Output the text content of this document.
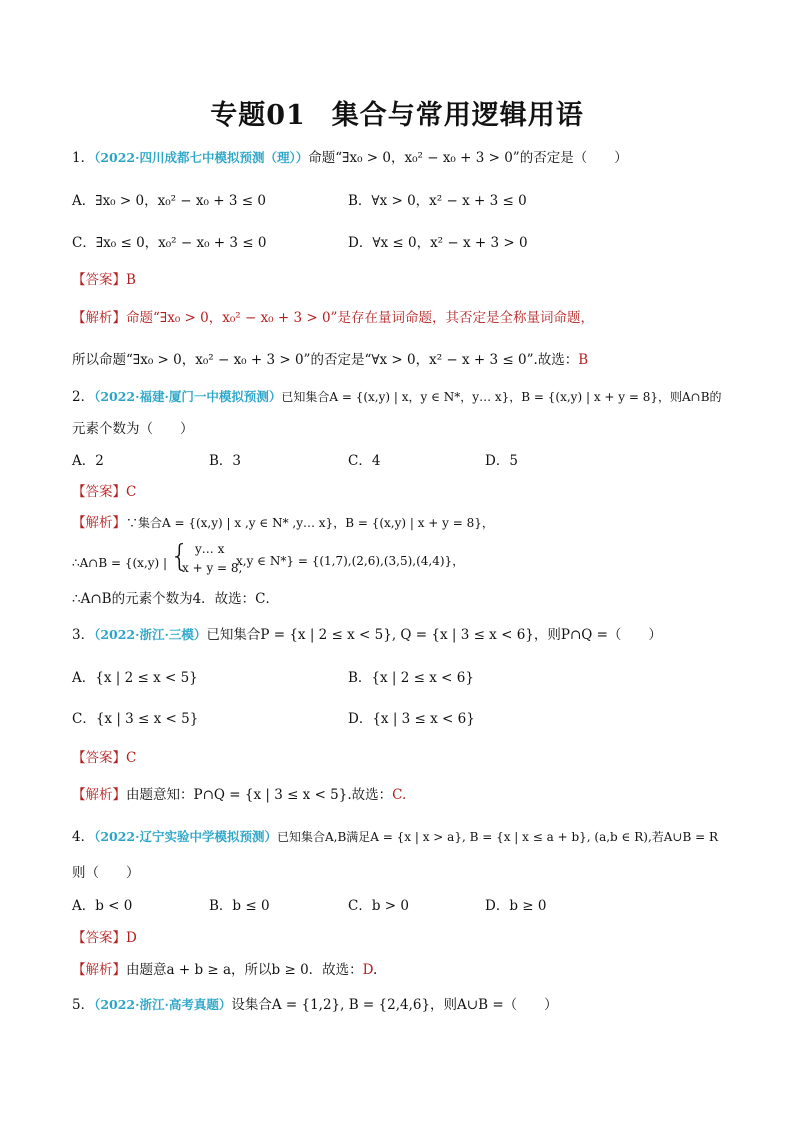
专题01 集合与常用逻辑用语
1．（2022·四川成都七中模拟预测（理））命题“∃x₀ > 0，x₀² − x₀ + 3 > 0”的否定是（　　）
A．∃x₀ > 0，x₀² − x₀ + 3 ≤ 0	B．∀x > 0，x² − x + 3 ≤ 0
C．∃x₀ ≤ 0，x₀² − x₀ + 3 ≤ 0	D．∀x ≤ 0，x² − x + 3 > 0
【答案】B
【解析】命题“∃x₀ > 0，x₀² − x₀ + 3 > 0”是存在量词命题，其否定是全称量词命题，
所以命题“∃x₀ > 0，x₀² − x₀ + 3 > 0”的否定是“∀x > 0，x² − x + 3 ≤ 0”.故选：B
2．（2022·福建·厦门一中模拟预测）已知集合A = {(x,y) | x，y ∈ N*，y… x}，B = {(x,y) | x + y = 8}，则A∩B的
元素个数为（　　）
A．2	B．3	C．4	D．5
【答案】C
【解析】∵集合A = {(x,y) | x ,y ∈ N* ,y… x}，B = {(x,y) | x + y = 8}，
∴A∩B = {(x,y) | { y… x
x + y = 8,
x,y ∈ N*} = {(1,7),(2,6),(3,5),(4,4)}，
∴A∩B的元素个数为4．故选：C．
3．（2022·浙江·三模）已知集合P = {x | 2 ≤ x < 5}, Q = {x | 3 ≤ x < 6}，则P∩Q =（　　）
A．{x | 2 ≤ x < 5}	B．{x | 2 ≤ x < 6}
C．{x | 3 ≤ x < 5}	D．{x | 3 ≤ x < 6}
【答案】C
【解析】由题意知：P∩Q = {x | 3 ≤ x < 5}.故选：C.
4．（2022·辽宁实验中学模拟预测）已知集合A,B满足A = {x | x > a}, B = {x | x ≤ a + b}, (a,b ∈ R),若A∪B = R
则（　　）
A．b < 0	B．b ≤ 0	C．b > 0	D．b ≥ 0
【答案】D
【解析】由题意a + b ≥ a，所以b ≥ 0．故选：D.
5．（2022·浙江·高考真题）设集合A = {1,2}, B = {2,4,6}，则A∪B =（　　）
